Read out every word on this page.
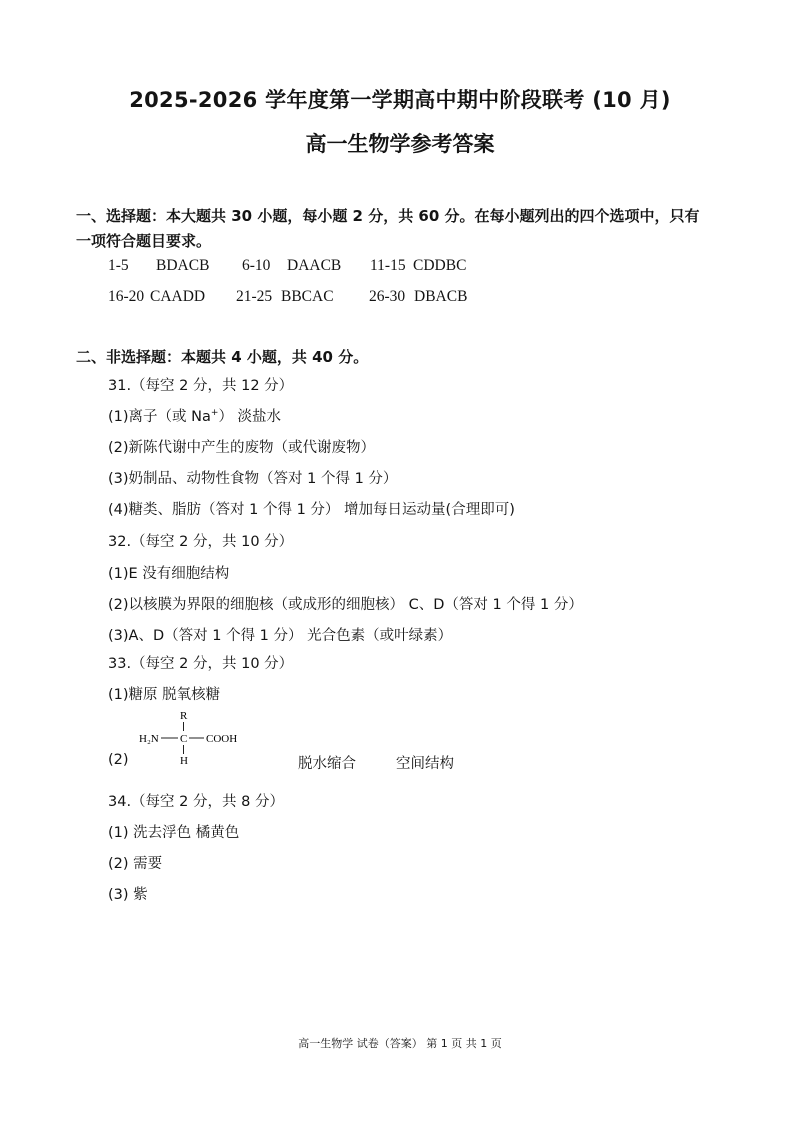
2025-2026 学年度第一学期高中期中阶段联考 (10 月)
高一生物学参考答案
一、选择题：本大题共 30 小题，每小题 2 分，共 60 分。在每小题列出的四个选项中，只有
一项符合题目要求。
1-5 BDACB 6-10 DAACB 11-15 CDDBC
16-20 CAADD 21-25 BBCAC 26-30 DBACB
二、非选择题：本题共 4 小题，共 40 分。
31.（每空 2 分，共 12 分）
(1)离子（或 Na+） 淡盐水
(2)新陈代谢中产生的废物（或代谢废物）
(3)奶制品、动物性食物（答对 1 个得 1 分）
(4)糖类、脂肪（答对 1 个得 1 分） 增加每日运动量(合理即可)
32.（每空 2 分，共 10 分）
(1)E 没有细胞结构
(2)以核膜为界限的细胞核（或成形的细胞核） C、D（答对 1 个得 1 分）
(3)A、D（答对 1 个得 1 分） 光合色素（或叶绿素）
33.（每空 2 分，共 10 分）
(1)糖原 脱氧核糖
R
H₂N C COOH
H
(2)	脱水缩合	空间结构
34.（每空 2 分，共 8 分）
(1) 洗去浮色 橘黄色
(2) 需要
(3) 紫
高一生物学 试卷（答案） 第 1 页 共 1 页
